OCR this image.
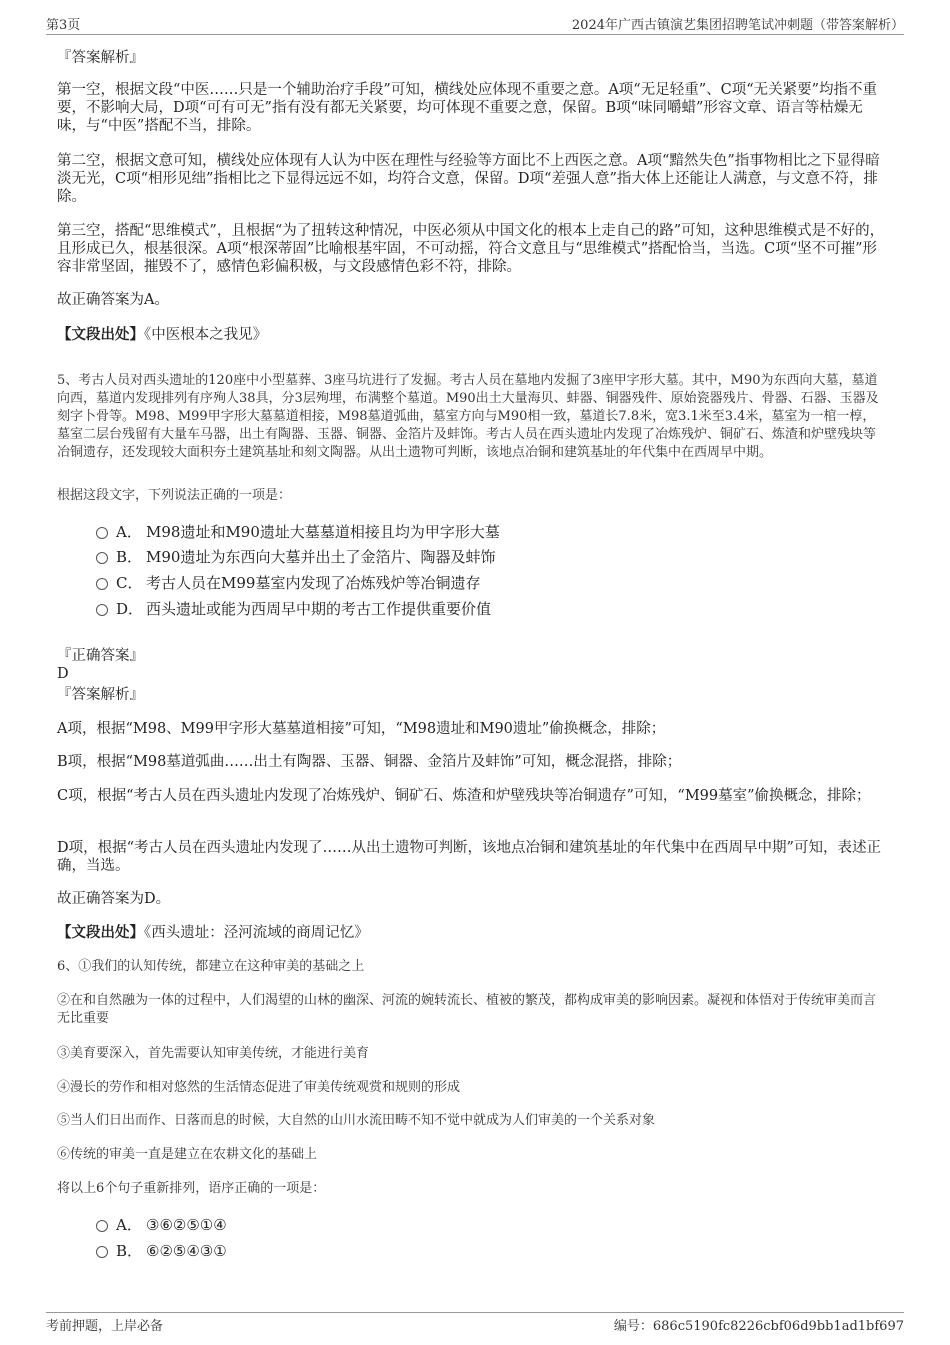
第3页	2024年广西古镇演艺集团招聘笔试冲刺题（带答案解析）
『答案解析』

第一空，根据文段“中医……只是一个辅助治疗手段”可知，横线处应体现不重要之意。A项“无足轻重”、C项“无关紧要”均指不重要，不影响大局，D项“可有可无”指有没有都无关紧要，均可体现不重要之意，保留。B项“味同嚼蜡”形容文章、语言等枯燥无味，与“中医”搭配不当，排除。

第二空，根据文意可知，横线处应体现有人认为中医在理性与经验等方面比不上西医之意。A项“黯然失色”指事物相比之下显得暗淡无光，C项“相形见绌”指相比之下显得远远不如，均符合文意，保留。D项“差强人意”指大体上还能让人满意，与文意不符，排除。

第三空，搭配“思维模式”，且根据“为了扭转这种情况，中医必须从中国文化的根本上走自己的路”可知，这种思维模式是不好的，且形成已久，根基很深。A项“根深蒂固”比喻根基牢固，不可动摇，符合文意且与“思维模式”搭配恰当，当选。C项“坚不可摧”形容非常坚固，摧毁不了，感情色彩偏积极，与文段感情色彩不符，排除。

故正确答案为A。
【文段出处】《中医根本之我见》

5、考古人员对西头遗址的120座中小型墓葬、3座马坑进行了发掘。考古人员在墓地内发掘了3座甲字形大墓。其中，M90为东西向大墓，墓道向西，墓道内发现排列有序殉人38具，分3层殉埋，布满整个墓道。M90出土大量海贝、蚌器、铜器残件、原始瓷器残片、骨器、石器、玉器及刻字卜骨等。M98、M99甲字形大墓墓道相接，M98墓道弧曲，墓室方向与M90相一致，墓道长7.8米，宽3.1米至3.4米，墓室为一棺一椁，墓室二层台残留有大量车马器，出土有陶器、玉器、铜器、金箔片及蚌饰。考古人员在西头遗址内发现了冶炼残炉、铜矿石、炼渣和炉壁残块等冶铜遗存，还发现较大面积夯土建筑基址和刻文陶器。从出土遗物可判断，该地点冶铜和建筑基址的年代集中在西周早中期。

根据这段文字，下列说法正确的一项是：
A． M98遗址和M90遗址大墓墓道相接且均为甲字形大墓
B． M90遗址为东西向大墓并出土了金箔片、陶器及蚌饰
C． 考古人员在M99墓室内发现了冶炼残炉等冶铜遗存
D． 西头遗址或能为西周早中期的考古工作提供重要价值
『正确答案』
D
『答案解析』

A项，根据“M98、M99甲字形大墓墓道相接”可知，“M98遗址和M90遗址”偷换概念，排除；

B项，根据“M98墓道弧曲……出土有陶器、玉器、铜器、金箔片及蚌饰”可知，概念混搭，排除；

C项，根据“考古人员在西头遗址内发现了冶炼残炉、铜矿石、炼渣和炉壁残块等冶铜遗存”可知，“M99墓室”偷换概念，排除；

D项，根据“考古人员在西头遗址内发现了……从出土遗物可判断，该地点冶铜和建筑基址的年代集中在西周早中期”可知，表述正确，当选。

故正确答案为D。
【文段出处】《西头遗址：泾河流域的商周记忆》
6、①我们的认知传统，都建立在这种审美的基础之上

②在和自然融为一体的过程中，人们渴望的山林的幽深、河流的婉转流长、植被的繁茂，都构成审美的影响因素。凝视和体悟对于传统审美而言无比重要

③美育要深入，首先需要认知审美传统，才能进行美育
④漫长的劳作和相对悠然的生活情态促进了审美传统观赏和规则的形成
⑤当人们日出而作、日落而息的时候，大自然的山川水流田畴不知不觉中就成为人们审美的一个关系对象
⑥传统的审美一直是建立在农耕文化的基础上
将以上6个句子重新排列，语序正确的一项是：
A． ③⑥②⑤①④
B． ⑥②⑤④③①
考前押题，上岸必备	编号：686c5190fc8226cbf06d9bb1ad1bf697
